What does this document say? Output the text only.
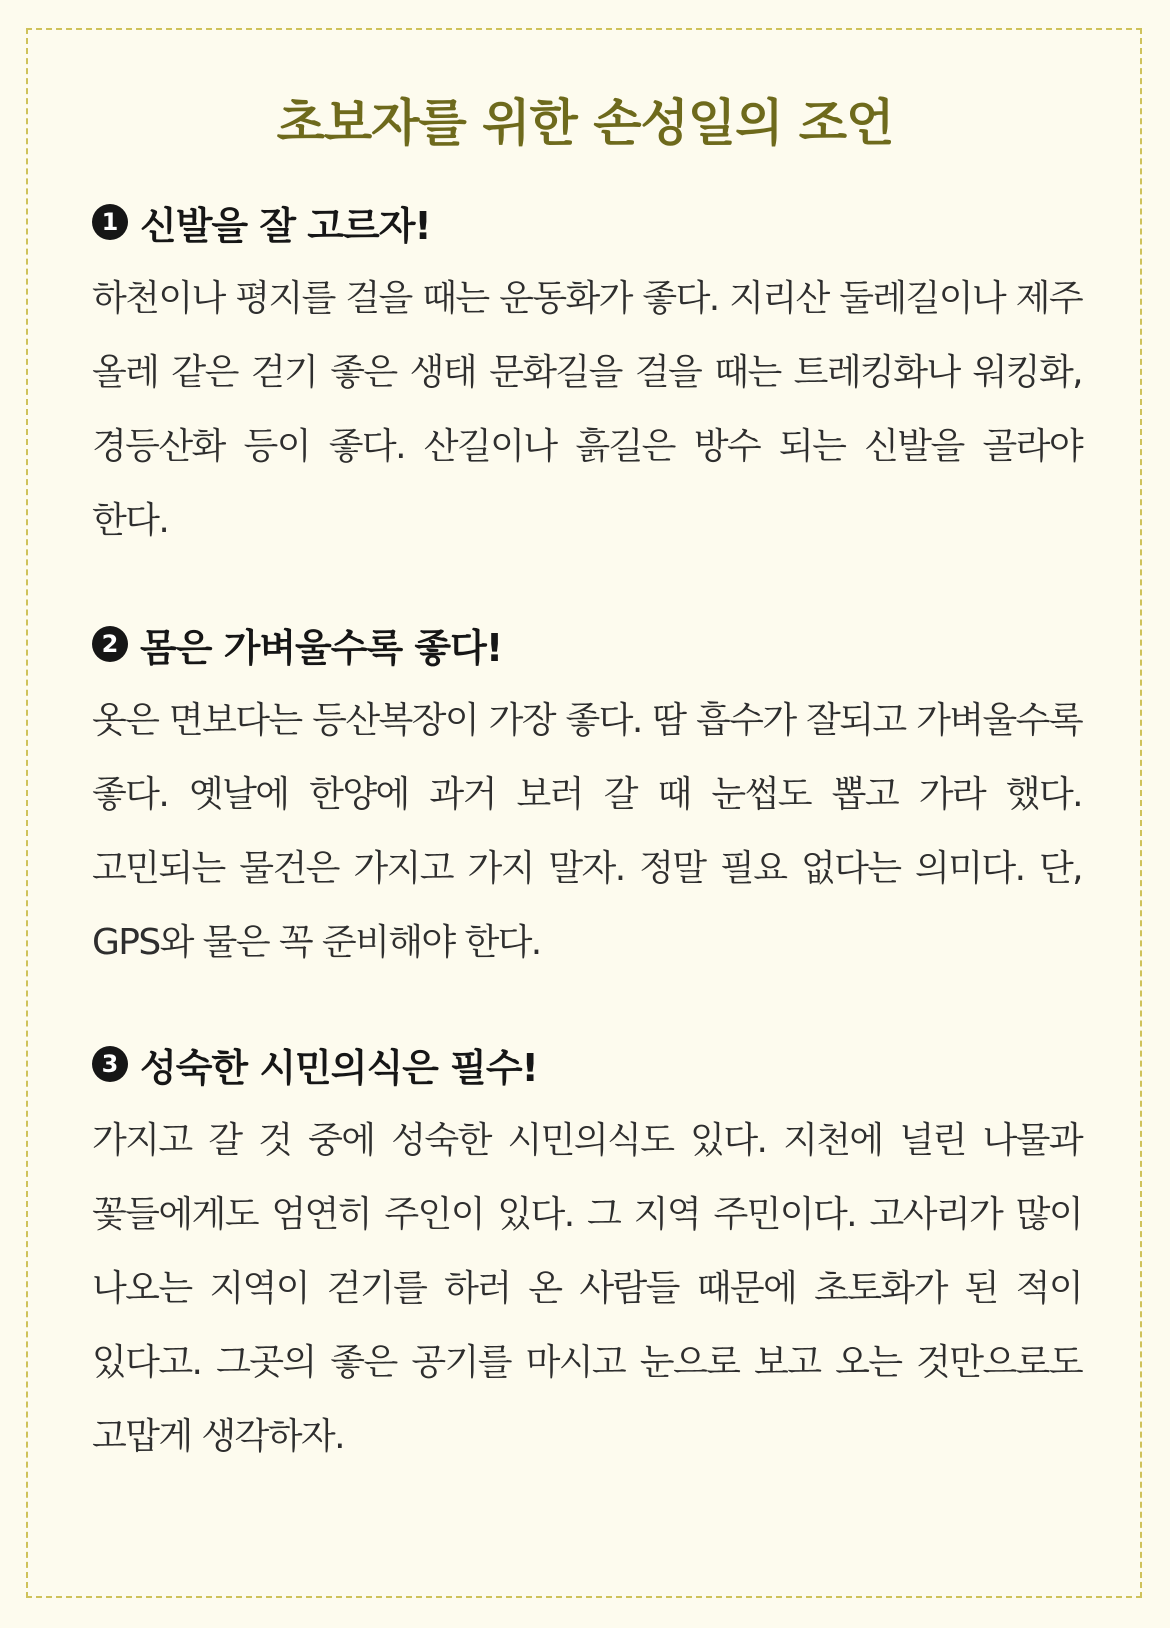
초보자를 위한 손성일의 조언
1 신발을 잘 고르자!

하천이나 평지를 걸을 때는 운동화가 좋다. 지리산 둘레길이나 제주 올레 같은 걷기 좋은 생태 문화길을 걸을 때는 트레킹화나 워킹화, 경등산화 등이 좋다. 산길이나 흙길은 방수 되는 신발을 골라야 한다.

2 몸은 가벼울수록 좋다!

옷은 면보다는 등산복장이 가장 좋다. 땀 흡수가 잘되고 가벼울수록 좋다. 옛날에 한양에 과거 보러 갈 때 눈썹도 뽑고 가라 했다. 고민되는 물건은 가지고 가지 말자. 정말 필요 없다는 의미다. 단, GPS와 물은 꼭 준비해야 한다.

3 성숙한 시민의식은 필수!

가지고 갈 것 중에 성숙한 시민의식도 있다. 지천에 널린 나물과 꽃들에게도 엄연히 주인이 있다. 그 지역 주민이다. 고사리가 많이 나오는 지역이 걷기를 하러 온 사람들 때문에 초토화가 된 적이 있다고. 그곳의 좋은 공기를 마시고 눈으로 보고 오는 것만으로도 고맙게 생각하자.
